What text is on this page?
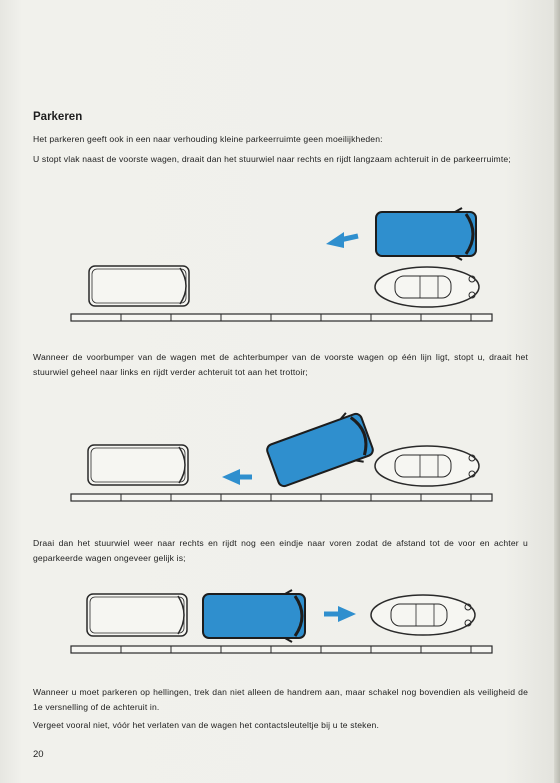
Parkeren

Het parkeren geeft ook in een naar verhouding kleine parkeerruimte geen moeilijkheden:

U stopt vlak naast de voorste wagen, draait dan het stuurwiel naar rechts en rijdt langzaam achteruit in de parkeerruimte;

Wanneer de voorbumper van de wagen met de achterbumper van de voorste wagen op één lijn ligt, stopt u, draait het stuurwiel geheel naar links en rijdt verder achteruit tot aan het trottoir;

Draai dan het stuurwiel weer naar rechts en rijdt nog een eindje naar voren zodat de afstand tot de voor en achter u geparkeerde wagen ongeveer gelijk is;

Wanneer u moet parkeren op hellingen, trek dan niet alleen de handrem aan, maar schakel nog bovendien als veiligheid de 1e versnelling of de achteruit in.

Vergeet vooral niet, vóór het verlaten van de wagen het contactsleuteltje bij u te steken.

20
